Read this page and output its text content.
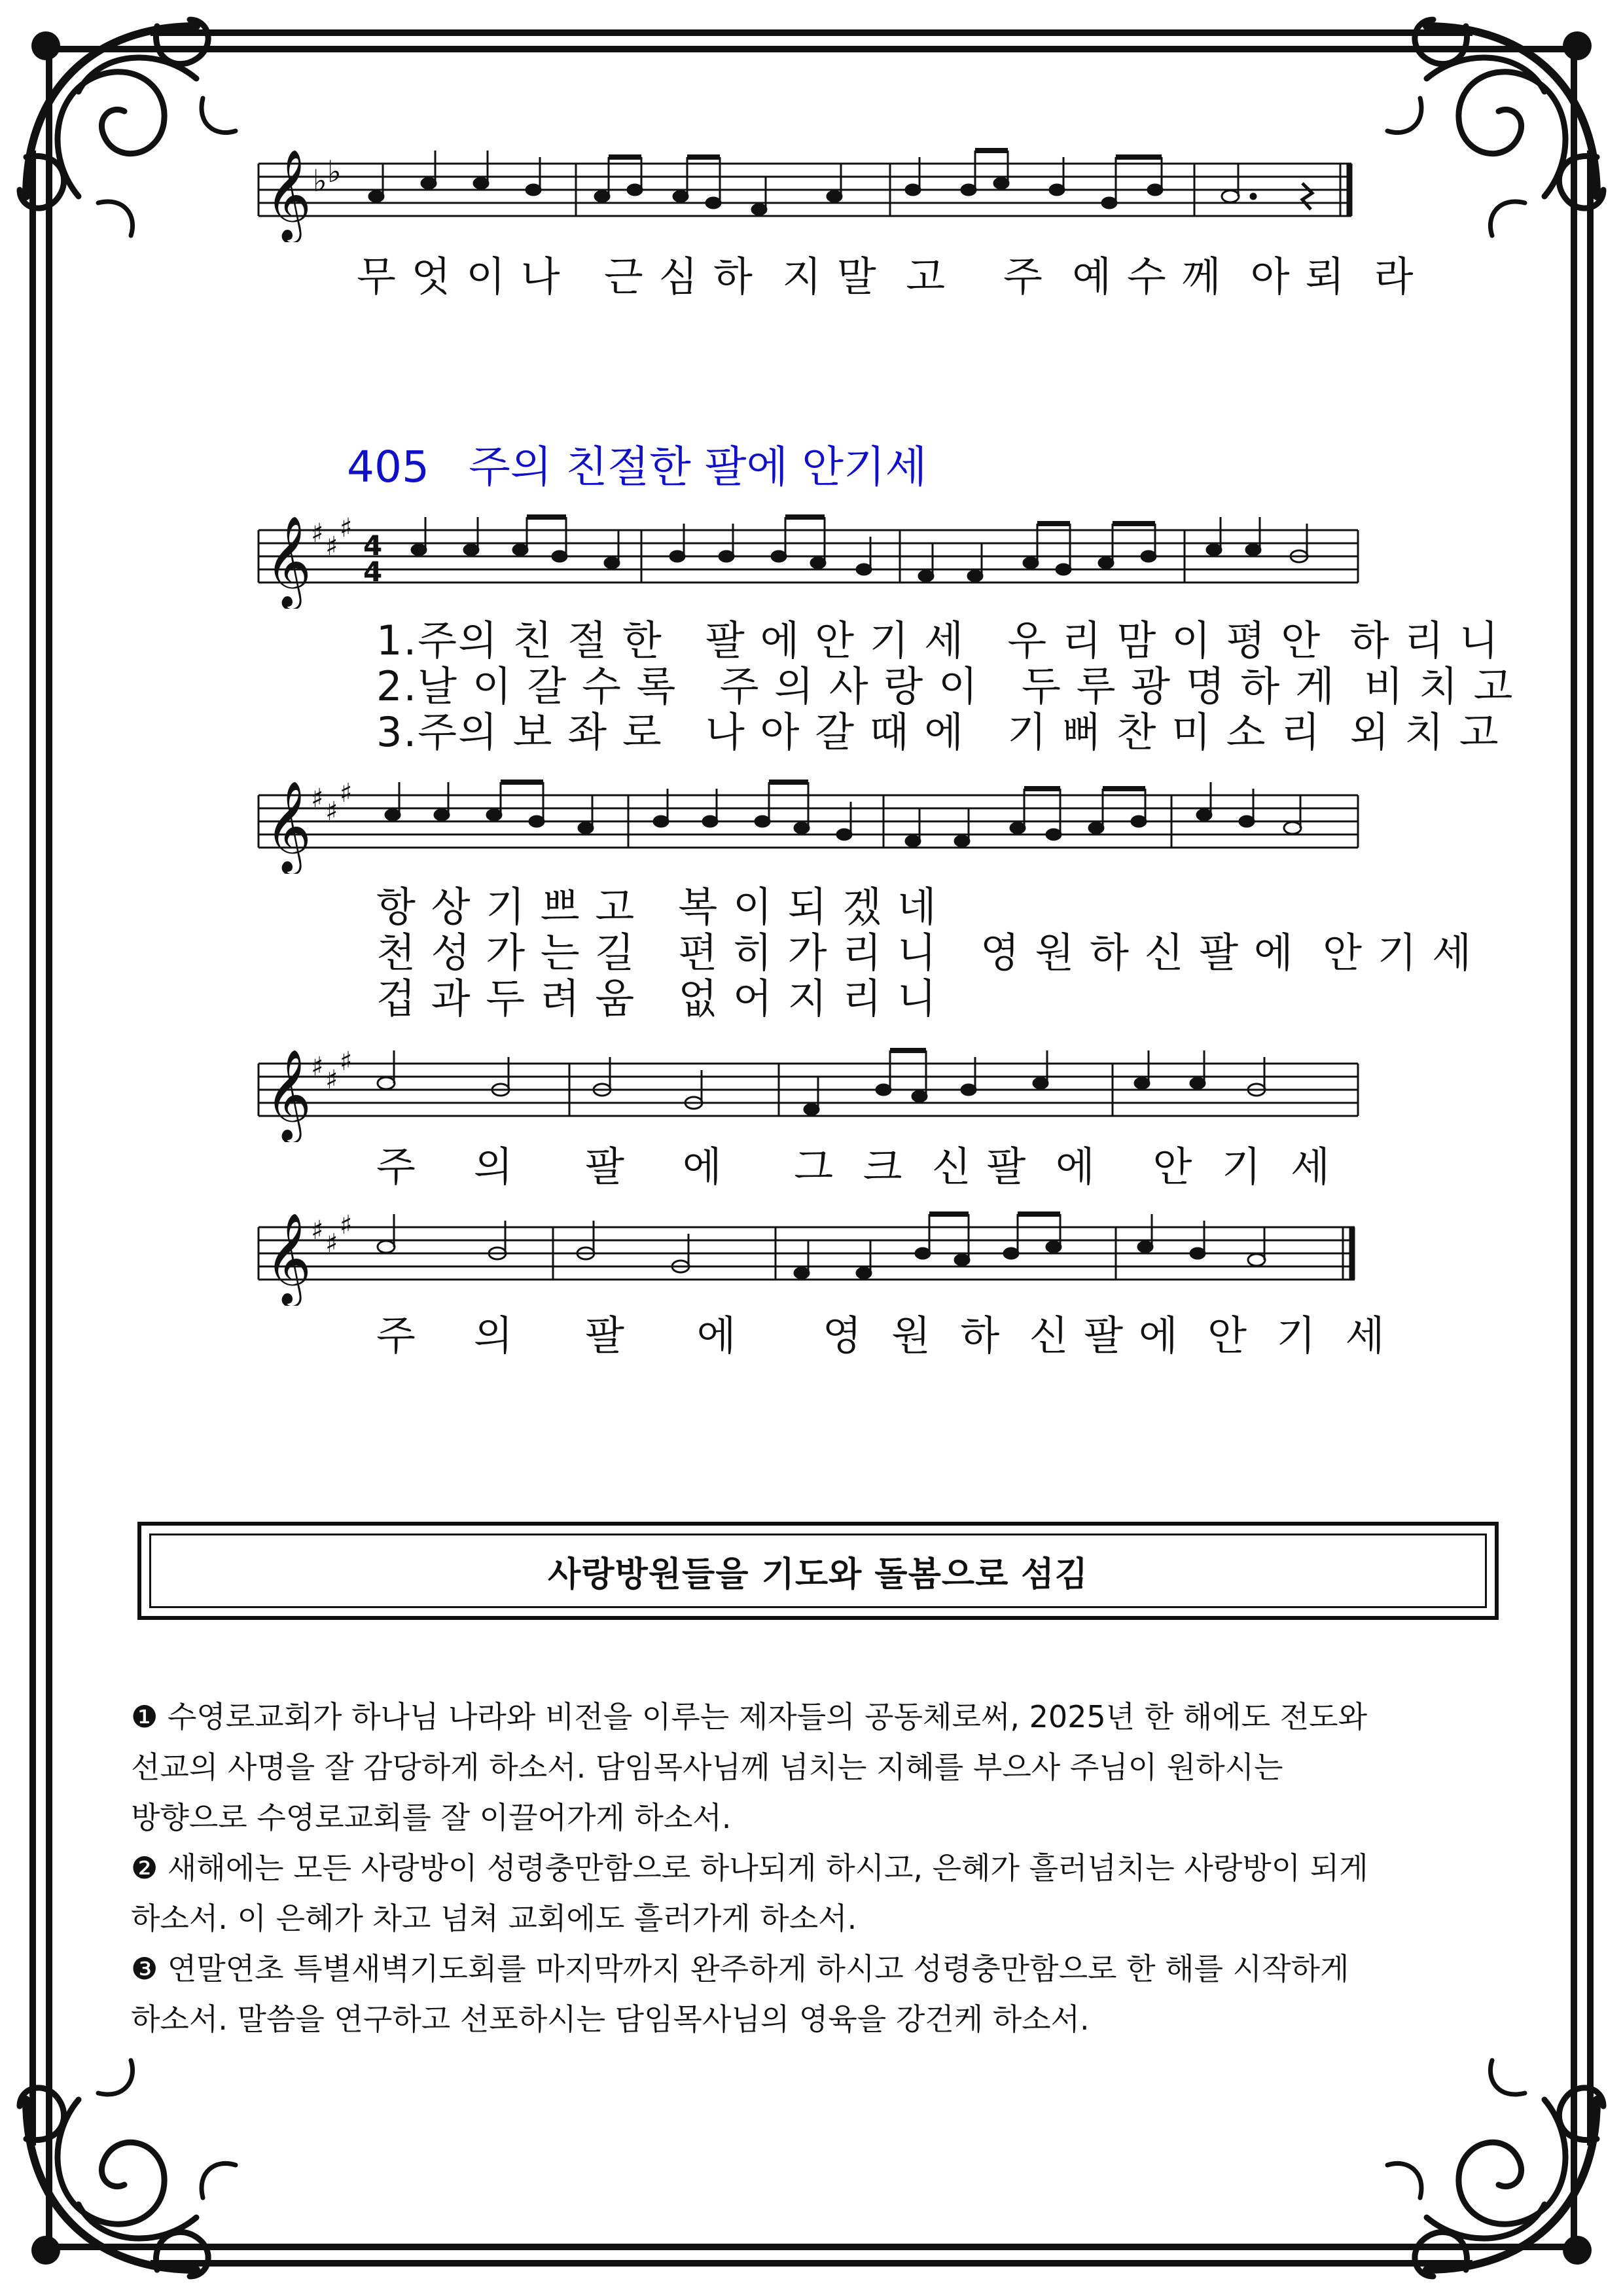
𝄞 ♭ ♭
무 엇 이 나   근 심 하  지 말  고    주  예 수 께  아 뢰  라
405 주의 친절한 팔에 안기세
𝄞 ♯ ♯
♯
4
4
1.주의 친 절 한   팔 에 안 기 세   우 리 맘 이 평 안  하 리 니
2.날 이 갈 수 록   주 의 사 랑 이   두 루 광 명 하 게  비 치 고
3.주의 보 좌 로   나 아 갈 때 에   기 뻐 찬 미 소 리  외 치 고
𝄞 ♯ ♯
♯
항 상 기 쁘 고   복 이 되 겠 네
천 성 가 는 길   편 히 가 리 니   영 원 하 신 팔 에  안 기 세
겁 과 두 려 움   없 어 지 리 니
𝄞 ♯ ♯
♯
주    의     팔    에     그  크  신 팔  에    안  기  세
𝄞 ♯ ♯
♯
주    의     팔     에      영  원  하  신 팔 에  안  기  세
사랑방원들을 기도와 돌봄으로 섬김

❶ 수영로교회가 하나님 나라와 비전을 이루는 제자들의 공동체로써, 2025년 한 해에도 전도와

선교의 사명을 잘 감당하게 하소서. 담임목사님께 넘치는 지혜를 부으사 주님이 원하시는

방향으로 수영로교회를 잘 이끌어가게 하소서.

❷ 새해에는 모든 사랑방이 성령충만함으로 하나되게 하시고, 은혜가 흘러넘치는 사랑방이 되게

하소서. 이 은혜가 차고 넘쳐 교회에도 흘러가게 하소서.

❸ 연말연초 특별새벽기도회를 마지막까지 완주하게 하시고 성령충만함으로 한 해를 시작하게

하소서. 말씀을 연구하고 선포하시는 담임목사님의 영육을 강건케 하소서.
